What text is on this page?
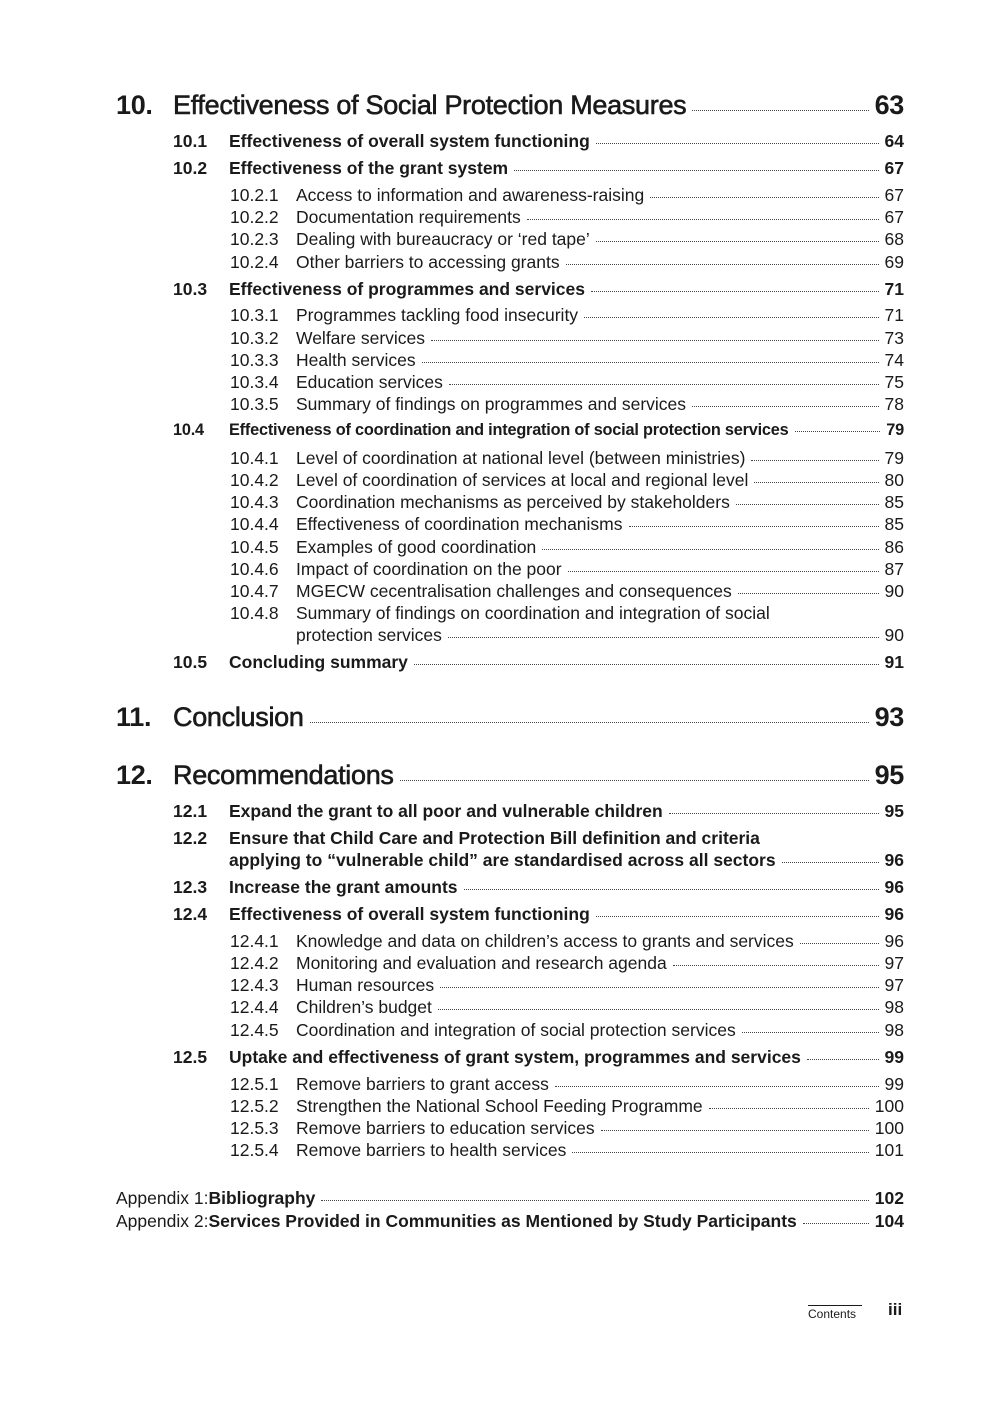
10. Effectiveness of Social Protection Measures	63
10.1	Effectiveness of overall system functioning	64
10.2	Effectiveness of the grant system	67
10.2.1 Access to information and awareness-raising	67
10.2.2 Documentation requirements	67
10.2.3 Dealing with bureaucracy or ‘red tape’	68
10.2.4 Other barriers to accessing grants	69
10.3	Effectiveness of programmes and services	71
10.3.1 Programmes tackling food insecurity	71
10.3.2 Welfare services	73
10.3.3 Health services	74
10.3.4 Education services	75
10.3.5 Summary of findings on programmes and services	78
10.4	Effectiveness of coordination and integration of social protection services	79
10.4.1 Level of coordination at national level (between ministries)	79
10.4.2 Level of coordination of services at local and regional level	80
10.4.3 Coordination mechanisms as perceived by stakeholders	85
10.4.4 Effectiveness of coordination mechanisms	85
10.4.5 Examples of good coordination	86
10.4.6 Impact of coordination on the poor	87
10.4.7 MGECW cecentralisation challenges and consequences	90
10.4.8 Summary of findings on coordination and integration of social
protection services	90
10.5	Concluding summary	91
11. Conclusion	93
12. Recommendations	95
12.1	Expand the grant to all poor and vulnerable children	95
12.2	Ensure that Child Care and Protection Bill definition and criteria
applying to “vulnerable child” are standardised across all sectors	96
12.3	Increase the grant amounts	96
12.4	Effectiveness of overall system functioning	96
12.4.1 Knowledge and data on children’s access to grants and services	96
12.4.2 Monitoring and evaluation and research agenda	97
12.4.3 Human resources	97
12.4.4 Children’s budget	98
12.4.5 Coordination and integration of social protection services	98
12.5	Uptake and effectiveness of grant system, programmes and services	99
12.5.1 Remove barriers to grant access	99
12.5.2 Strengthen the National School Feeding Programme	100
12.5.3 Remove barriers to education services	100
12.5.4 Remove barriers to health services	101
Appendix 1: Bibliography	102
Appendix 2: Services Provided in Communities as Mentioned by Study Participants	104
Contents	iii
